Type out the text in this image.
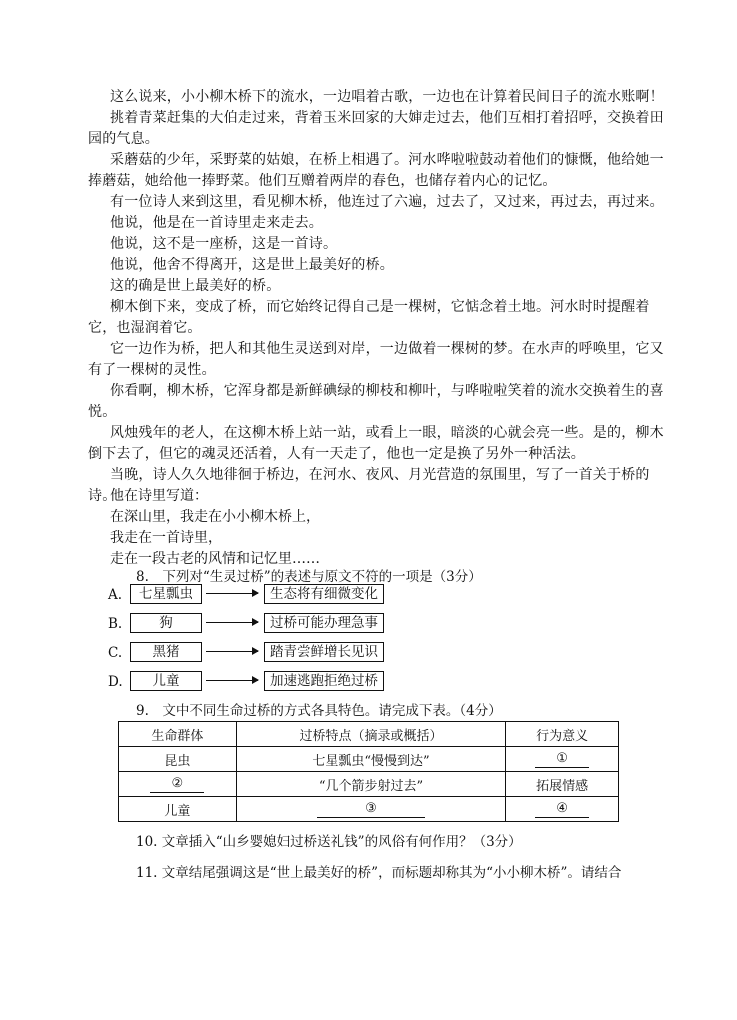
这么说来，小小柳木桥下的流水，一边唱着古歌，一边也在计算着民间日子的流水账啊！
挑着青菜赶集的大伯走过来，背着玉米回家的大婶走过去，他们互相打着招呼，交换着田园的气息。
采蘑菇的少年，采野菜的姑娘，在桥上相遇了。河水哗啦啦鼓动着他们的慷慨，他给她一捧蘑菇，她给他一捧野菜。他们互赠着两岸的春色，也储存着内心的记忆。
有一位诗人来到这里，看见柳木桥，他连过了六遍，过去了，又过来，再过去，再过来。
他说，他是在一首诗里走来走去。
他说，这不是一座桥，这是一首诗。
他说，他舍不得离开，这是世上最美好的桥。
这的确是世上最美好的桥。
柳木倒下来，变成了桥，而它始终记得自己是一棵树，它惦念着土地。河水时时提醒着它，也湿润着它。
它一边作为桥，把人和其他生灵送到对岸，一边做着一棵树的梦。在水声的呼唤里，它又有了一棵树的灵性。
你看啊，柳木桥，它浑身都是新鲜碘绿的柳枝和柳叶，与哗啦啦笑着的流水交换着生的喜悦。
风烛残年的老人，在这柳木桥上站一站，或看上一眼，暗淡的心就会亮一些。是的，柳木倒下去了，但它的魂灵还活着，人有一天走了，他也一定是换了另外一种活法。
当晚，诗人久久地徘徊于桥边，在河水、夜风、月光营造的氛围里，写了一首关于桥的诗。
他在诗里写道：
在深山里，我走在小小柳木桥上，
我走在一首诗里，
走在一段古老的风情和记忆里……
8.　下列对“生灵过桥”的表述与原文不符的一项是（3分）
A.	七星瓢虫	生态将有细微变化
B.	狗	过桥可能办理急事
C.	黑猪	踏青尝鲜增长见识
D.	儿童	加速逃跑拒绝过桥
9.　文中不同生命过桥的方式各具特色。请完成下表。（4分）
生命群体	过桥特点（摘录或概括）	行为意义
昆虫	七星瓢虫“慢慢到达”	①
②	“几个箭步射过去”	拓展情感
儿童	③	④
10. 文章插入“山乡婴媳妇过桥送礼钱”的风俗有何作用？（3分）
11. 文章结尾强调这是“世上最美好的桥”，而标题却称其为“小小柳木桥”。请结合
